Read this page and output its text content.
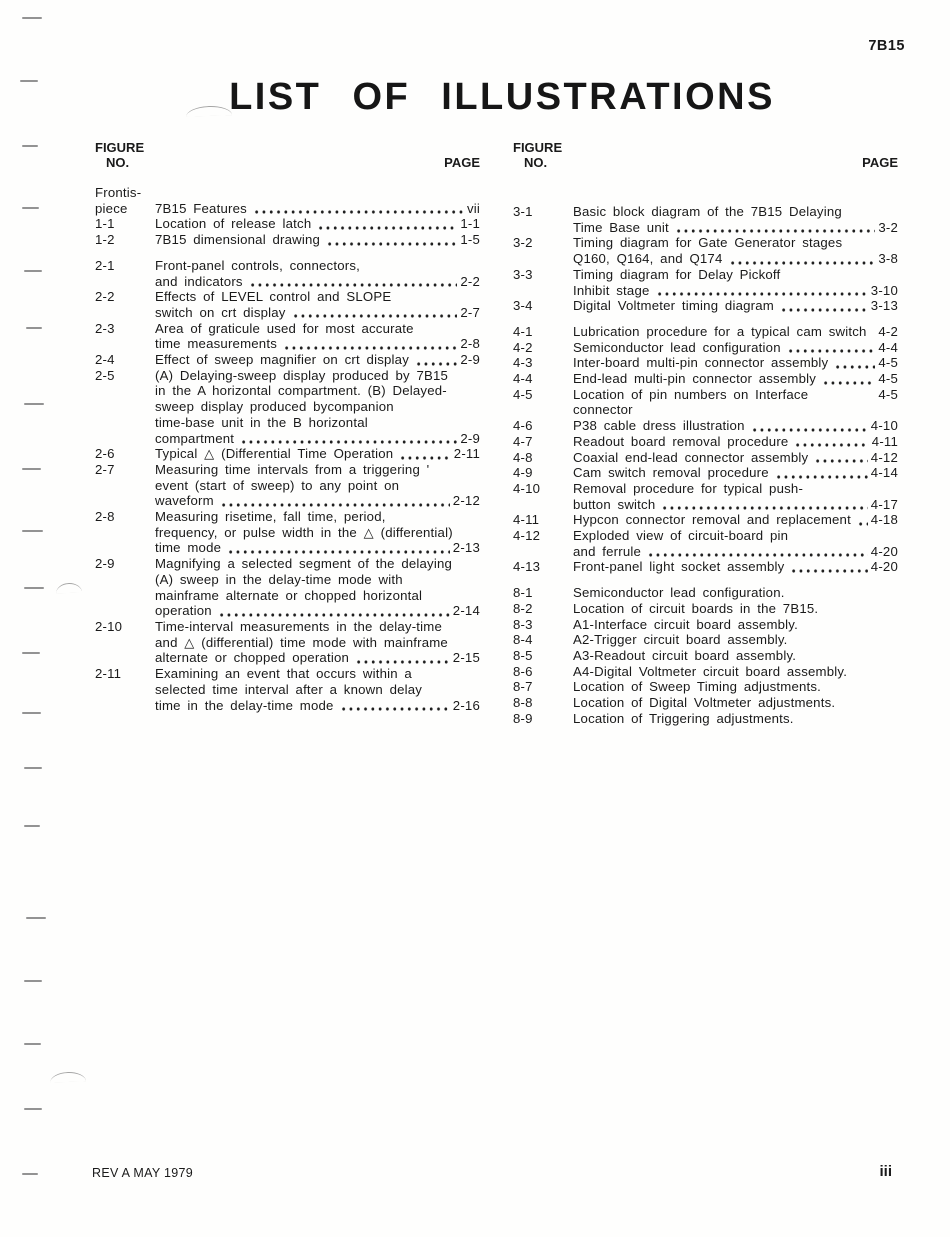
7B15
LIST OF ILLUSTRATIONS
FIGURE
NO.	PAGE
Frontis-
piece	7B15 Features	vii
1-1	Location of release latch	1-1
1-2	7B15 dimensional drawing	1-5
2-1	Front-panel controls, connectors,
and indicators	2-2
2-2	Effects of LEVEL control and SLOPE
switch on crt display	2-7
2-3	Area of graticule used for most accurate
time measurements	2-8
2-4	Effect of sweep magnifier on crt display	2-9
2-5	(A) Delaying-sweep display produced by 7B15
in the A horizontal compartment. (B) Delayed-
sweep display produced bycompanion
time-base unit in the B horizontal
compartment	2-9
2-6	Typical △ (Differential Time Operation	2-11
2-7	Measuring time intervals from a triggering '
event (start of sweep) to any point on
waveform	2-12
2-8	Measuring risetime, fall time, period,
frequency, or pulse width in the △ (differential)
time mode	2-13
2-9	Magnifying a selected segment of the delaying
(A) sweep in the delay-time mode with
mainframe alternate or chopped horizontal
operation	2-14
2-10	Time-interval measurements in the delay-time
and △ (differential) time mode with mainframe
alternate or chopped operation	2-15
2-11	Examining an event that occurs within a
selected time interval after a known delay
time in the delay-time mode	2-16
FIGURE
NO.	PAGE
3-1	Basic block diagram of the 7B15 Delaying
Time Base unit	3-2
3-2	Timing diagram for Gate Generator stages
Q160, Q164, and Q174	3-8
3-3	Timing diagram for Delay Pickoff
Inhibit stage	3-10
3-4	Digital Voltmeter timing diagram	3-13
4-1	Lubrication procedure for a typical cam switch 4-2
4-2	Semiconductor lead configuration	4-4
4-3	Inter-board multi-pin connector assembly	4-5
4-4	End-lead multi-pin connector assembly	4-5
4-5	Location of pin numbers on Interface connector
4-5
4-6	P38 cable dress illustration	4-10
4-7	Readout board removal procedure	4-11
4-8	Coaxial end-lead connector assembly	4-12
4-9	Cam switch removal procedure	4-14
4-10	Removal procedure for typical push-
button switch	4-17
4-11	Hypcon connector removal and replacement 4-18
4-12	Exploded view of circuit-board pin
and ferrule	4-20
4-13	Front-panel light socket assembly	4-20
8-1	Semiconductor lead configuration.
8-2	Location of circuit boards in the 7B15.
8-3	A1-Interface circuit board assembly.
8-4	A2-Trigger circuit board assembly.
8-5	A3-Readout circuit board assembly.
8-6	A4-Digital Voltmeter circuit board assembly.
8-7	Location of Sweep Timing adjustments.
8-8	Location of Digital Voltmeter adjustments.
8-9	Location of Triggering adjustments.
REV A MAY 1979	iii
